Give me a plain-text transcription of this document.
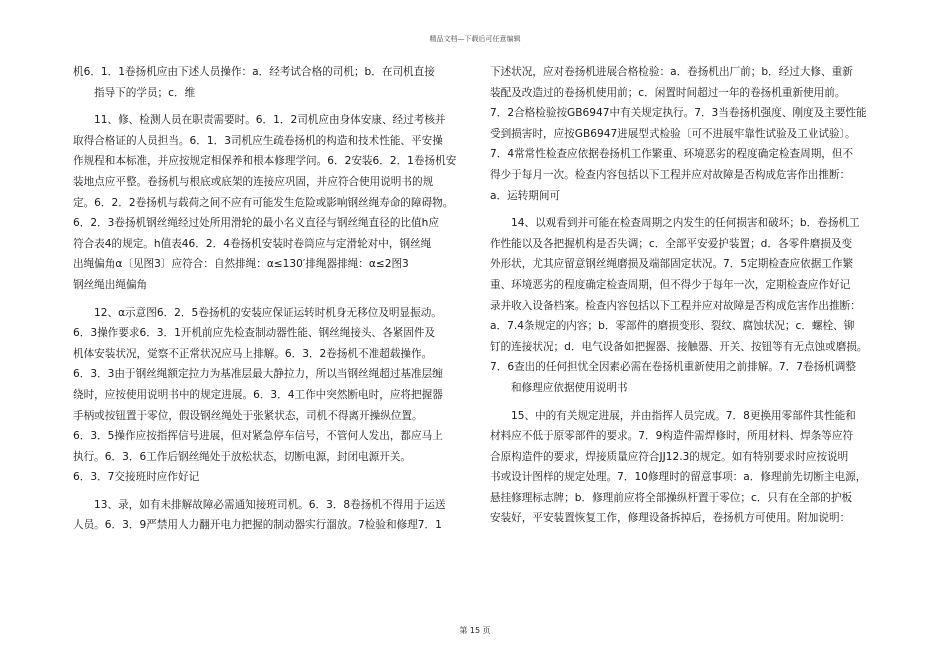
精品文档—下载后可任意编辑
机6．1．1卷扬机应由下述人员操作：a．经考试合格的司机；b．在司机直接
指导下的学员；c．维
11、修、检测人员在职责需要时。6．1．2司机应由身体安康、经过考核并
取得合格证的人员担当。6．1．3司机应生疏卷扬机的构造和技术性能、平安操
作规程和本标准，并应按规定相保养和根本修理学问。6．2安装6．2．1卷扬机安
装地点应平整。卷扬机与根底或底架的连接应巩固，并应符合使用说明书的规
定。6．2．2卷扬机与载荷之间不应有可能发生危险或影响钢丝绳寿命的障碍物。
6．2．3卷扬机钢丝绳经过处所用滑轮的最小名义直径与钢丝绳直径的比值h应
符合表4的规定。h值表46．2．4卷扬机安装时卷筒应与定滑轮对中，钢丝绳
出绳偏角α〔见图3〕应符合：自然排绳：α≤130′排绳器排绳：α≤2图3
钢丝绳出绳偏角
12、α示意图6．2．5卷扬机的安装应保证运转时机身无移位及明显振动。
6．3操作要求6．3．1开机前应先检查制动器性能、钢丝绳接头、各紧固件及
机体安装状况，觉察不正常状况应马上排解。6．3．2卷扬机不准超载操作。
6．3．3由于钢丝绳额定拉力为基准层最大静拉力，所以当钢丝绳超过基准层缠
绕时，应按使用说明书中的规定进展。6．3．4工作中突然断电时，应将把握器
手柄或按钮置于零位，假设钢丝绳处于张紧状态，司机不得离开操纵位置。
6．3．5操作应按指挥信号进展，但对紧急停车信号，不管何人发出，都应马上
执行。6．3．6工作后钢丝绳处于放松状态，切断电源，封闭电源开关。
6．3．7交接班时应作好记
13、录，如有未排解故障必需通知接班司机。6．3．8卷扬机不得用于运送
人员。6．3．9严禁用人力翻开电力把握的制动器实行溜放。7检验和修理7．1
下述状况，应对卷扬机进展合格检验：a．卷扬机出厂前；b．经过大修、重新
装配及改造过的卷扬机使用前；c．闲置时间超过一年的卷扬机重新使用前。
7．2合格检验按GB6947中有关规定执行。7．3当卷扬机强度、刚度及主要性能
受到损害时，应按GB6947进展型式检验〔可不进展牢靠性试验及工业试验〕。
7．4常常性检查应依据卷扬机工作繁重、环境恶劣的程度确定检查周期，但不
得少于每月一次。检查内容包括以下工程并应对故障是否构成危害作出推断：
a．运转期间可
14、以观看到并可能在检查周期之内发生的任何损害和破坏；b．卷扬机工
作性能以及各把握机构是否失调；c．全部平安爱护装置；d．各零件磨损及变
外形状，尤其应留意钢丝绳磨损及端部固定状况。7．5定期检查应依据工作繁
重、环境恶劣的程度确定检查周期，但不得少于每年一次，定期检查应作好记
录并收入设备档案。检查内容包括以下工程并应对故障是否构成危害作出推断：
a．7.4条规定的内容；b．零部件的磨损变形、裂纹、腐蚀状况；c．螺栓、铆
钉的连接状况；d．电气设备如把握器、接触器、开关、按钮等有无点蚀或磨损。
7．6查出的任何担忧全因素必需在卷扬机重新使用之前排解。7．7卷扬机调整
和修理应依据使用说明书
15、中的有关规定进展，并由指挥人员完成。7．8更换用零部件其性能和
材料应不低于原零部件的要求。7．9构造件需焊修时，所用材料、焊条等应符
合原构造件的要求，焊接质量应符合JJ12.3的规定。如有特别要求时应按说明
书或设计图样的规定处理。7．10修理时的留意事项：a．修理前先切断主电源，
悬挂修理标志牌；b．修理前应将全部操纵杆置于零位；c．只有在全部的护板
安装好，平安装置恢复工作，修理设备拆掉后，卷扬机方可使用。附加说明：
第 15 页
